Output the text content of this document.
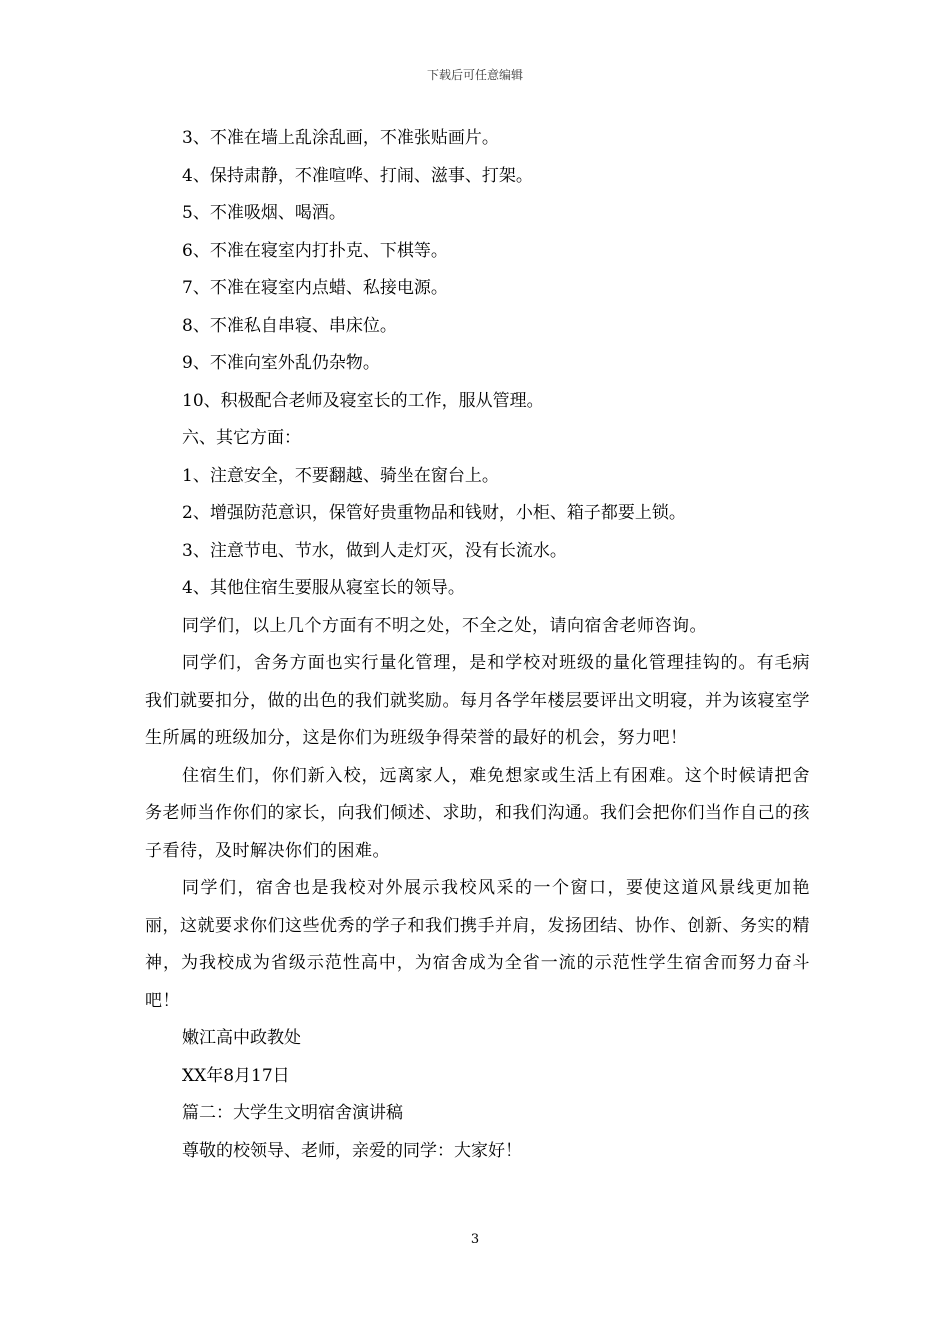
下载后可任意编辑
3、不准在墙上乱涂乱画，不准张贴画片。
4、保持肃静，不准喧哗、打闹、滋事、打架。
5、不准吸烟、喝酒。
6、不准在寝室内打扑克、下棋等。
7、不准在寝室内点蜡、私接电源。
8、不准私自串寝、串床位。
9、不准向室外乱仍杂物。
10、积极配合老师及寝室长的工作，服从管理。
六、其它方面：
1、注意安全，不要翻越、骑坐在窗台上。
2、增强防范意识，保管好贵重物品和钱财，小柜、箱子都要上锁。
3、注意节电、节水，做到人走灯灭，没有长流水。
4、其他住宿生要服从寝室长的领导。

同学们，以上几个方面有不明之处，不全之处，请向宿舍老师咨询。

同学们，舍务方面也实行量化管理，是和学校对班级的量化管理挂钩的。有毛病我们就要扣分，做的出色的我们就奖励。每月各学年楼层要评出文明寝，并为该寝室学生所属的班级加分，这是你们为班级争得荣誉的最好的机会，努力吧！

住宿生们，你们新入校，远离家人，难免想家或生活上有困难。这个时候请把舍务老师当作你们的家长，向我们倾述、求助，和我们沟通。我们会把你们当作自己的孩子看待，及时解决你们的困难。

同学们，宿舍也是我校对外展示我校风采的一个窗口，要使这道风景线更加艳丽，这就要求你们这些优秀的学子和我们携手并肩，发扬团结、协作、创新、务实的精神，为我校成为省级示范性高中，为宿舍成为全省一流的示范性学生宿舍而努力奋斗吧！

嫩江高中政教处
XX年8月17日
篇二：大学生文明宿舍演讲稿
尊敬的校领导、老师，亲爱的同学：大家好！
3
